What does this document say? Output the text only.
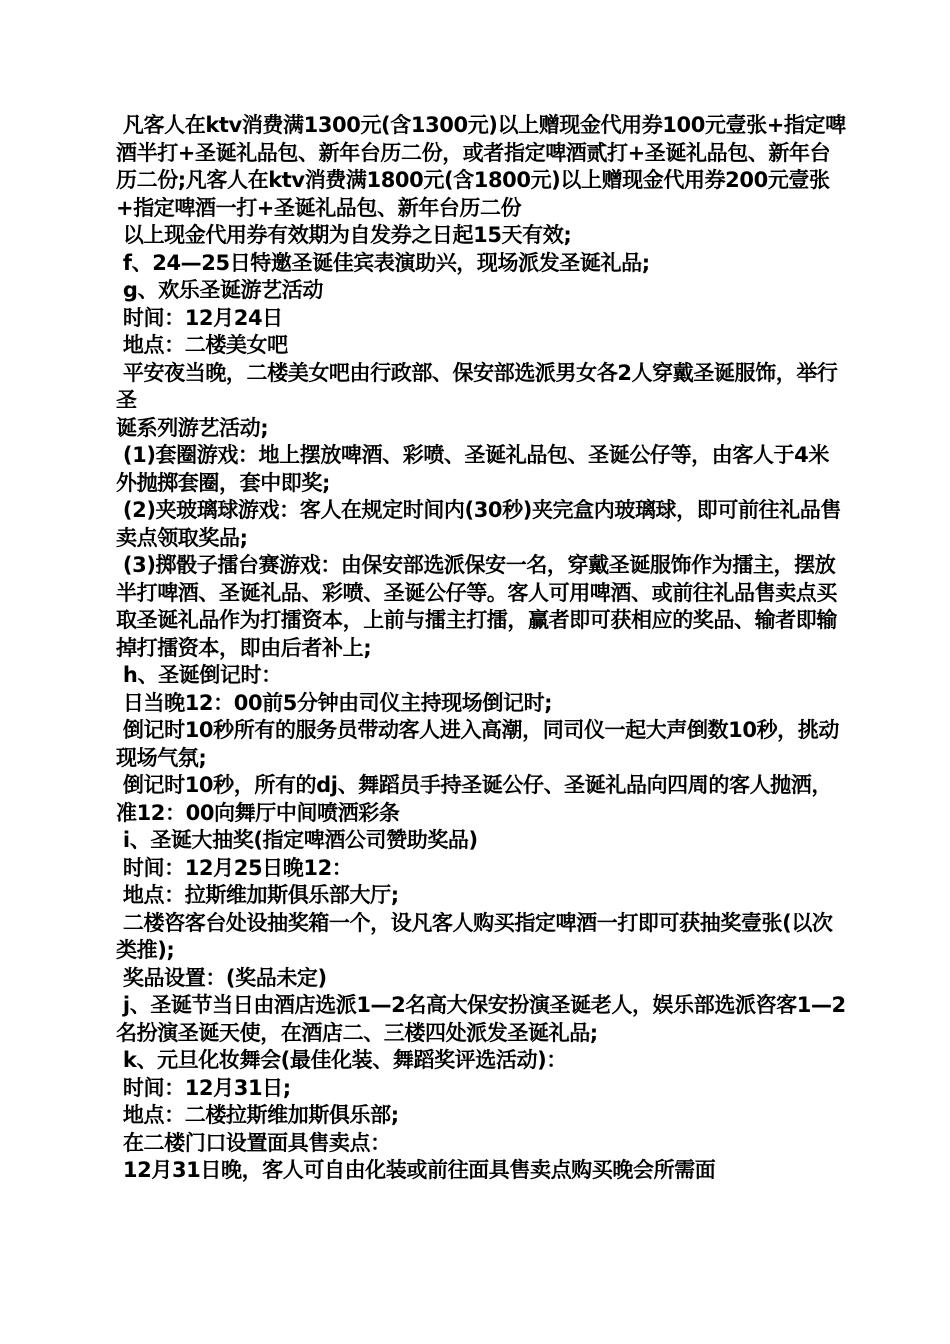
凡客人在ktv消费满1300元(含1300元)以上赠现金代用券100元壹张+指定啤酒半打+圣诞礼品包、新年台历二份，或者指定啤酒贰打+圣诞礼品包、新年台历二份;凡客人在ktv消费满1800元(含1800元)以上赠现金代用券200元壹张+指定啤酒一打+圣诞礼品包、新年台历二份

以上现金代用券有效期为自发券之日起15天有效;

f、24—25日特邀圣诞佳宾表演助兴，现场派发圣诞礼品;

g、欢乐圣诞游艺活动

时间：12月24日

地点：二楼美女吧

平安夜当晚，二楼美女吧由行政部、保安部选派男女各2人穿戴圣诞服饰，举行圣

诞系列游艺活动;

(1)套圈游戏：地上摆放啤酒、彩喷、圣诞礼品包、圣诞公仔等，由客人于4米外抛掷套圈，套中即奖;

(2)夹玻璃球游戏：客人在规定时间内(30秒)夹完盒内玻璃球，即可前往礼品售卖点领取奖品;

(3)掷骰子擂台赛游戏：由保安部选派保安一名，穿戴圣诞服饰作为擂主，摆放半打啤酒、圣诞礼品、彩喷、圣诞公仔等。客人可用啤酒、或前往礼品售卖点买取圣诞礼品作为打擂资本，上前与擂主打擂，赢者即可获相应的奖品、输者即输掉打擂资本，即由后者补上;

h、圣诞倒记时：

日当晚12：00前5分钟由司仪主持现场倒记时;

倒记时10秒所有的服务员带动客人进入高潮，同司仪一起大声倒数10秒，挑动现场气氛;

倒记时10秒，所有的dj、舞蹈员手持圣诞公仔、圣诞礼品向四周的客人抛洒，准12：00向舞厅中间喷洒彩条

i、圣诞大抽奖(指定啤酒公司赞助奖品)

时间：12月25日晚12：

地点：拉斯维加斯俱乐部大厅;

二楼咨客台处设抽奖箱一个，设凡客人购买指定啤酒一打即可获抽奖壹张(以次类推);

奖品设置：(奖品未定)

j、圣诞节当日由酒店选派1—2名高大保安扮演圣诞老人，娱乐部选派咨客1—2名扮演圣诞天使，在酒店二、三楼四处派发圣诞礼品;

k、元旦化妆舞会(最佳化装、舞蹈奖评选活动)：

时间：12月31日;

地点：二楼拉斯维加斯俱乐部;

在二楼门口设置面具售卖点：

12月31日晚，客人可自由化装或前往面具售卖点购买晚会所需面
